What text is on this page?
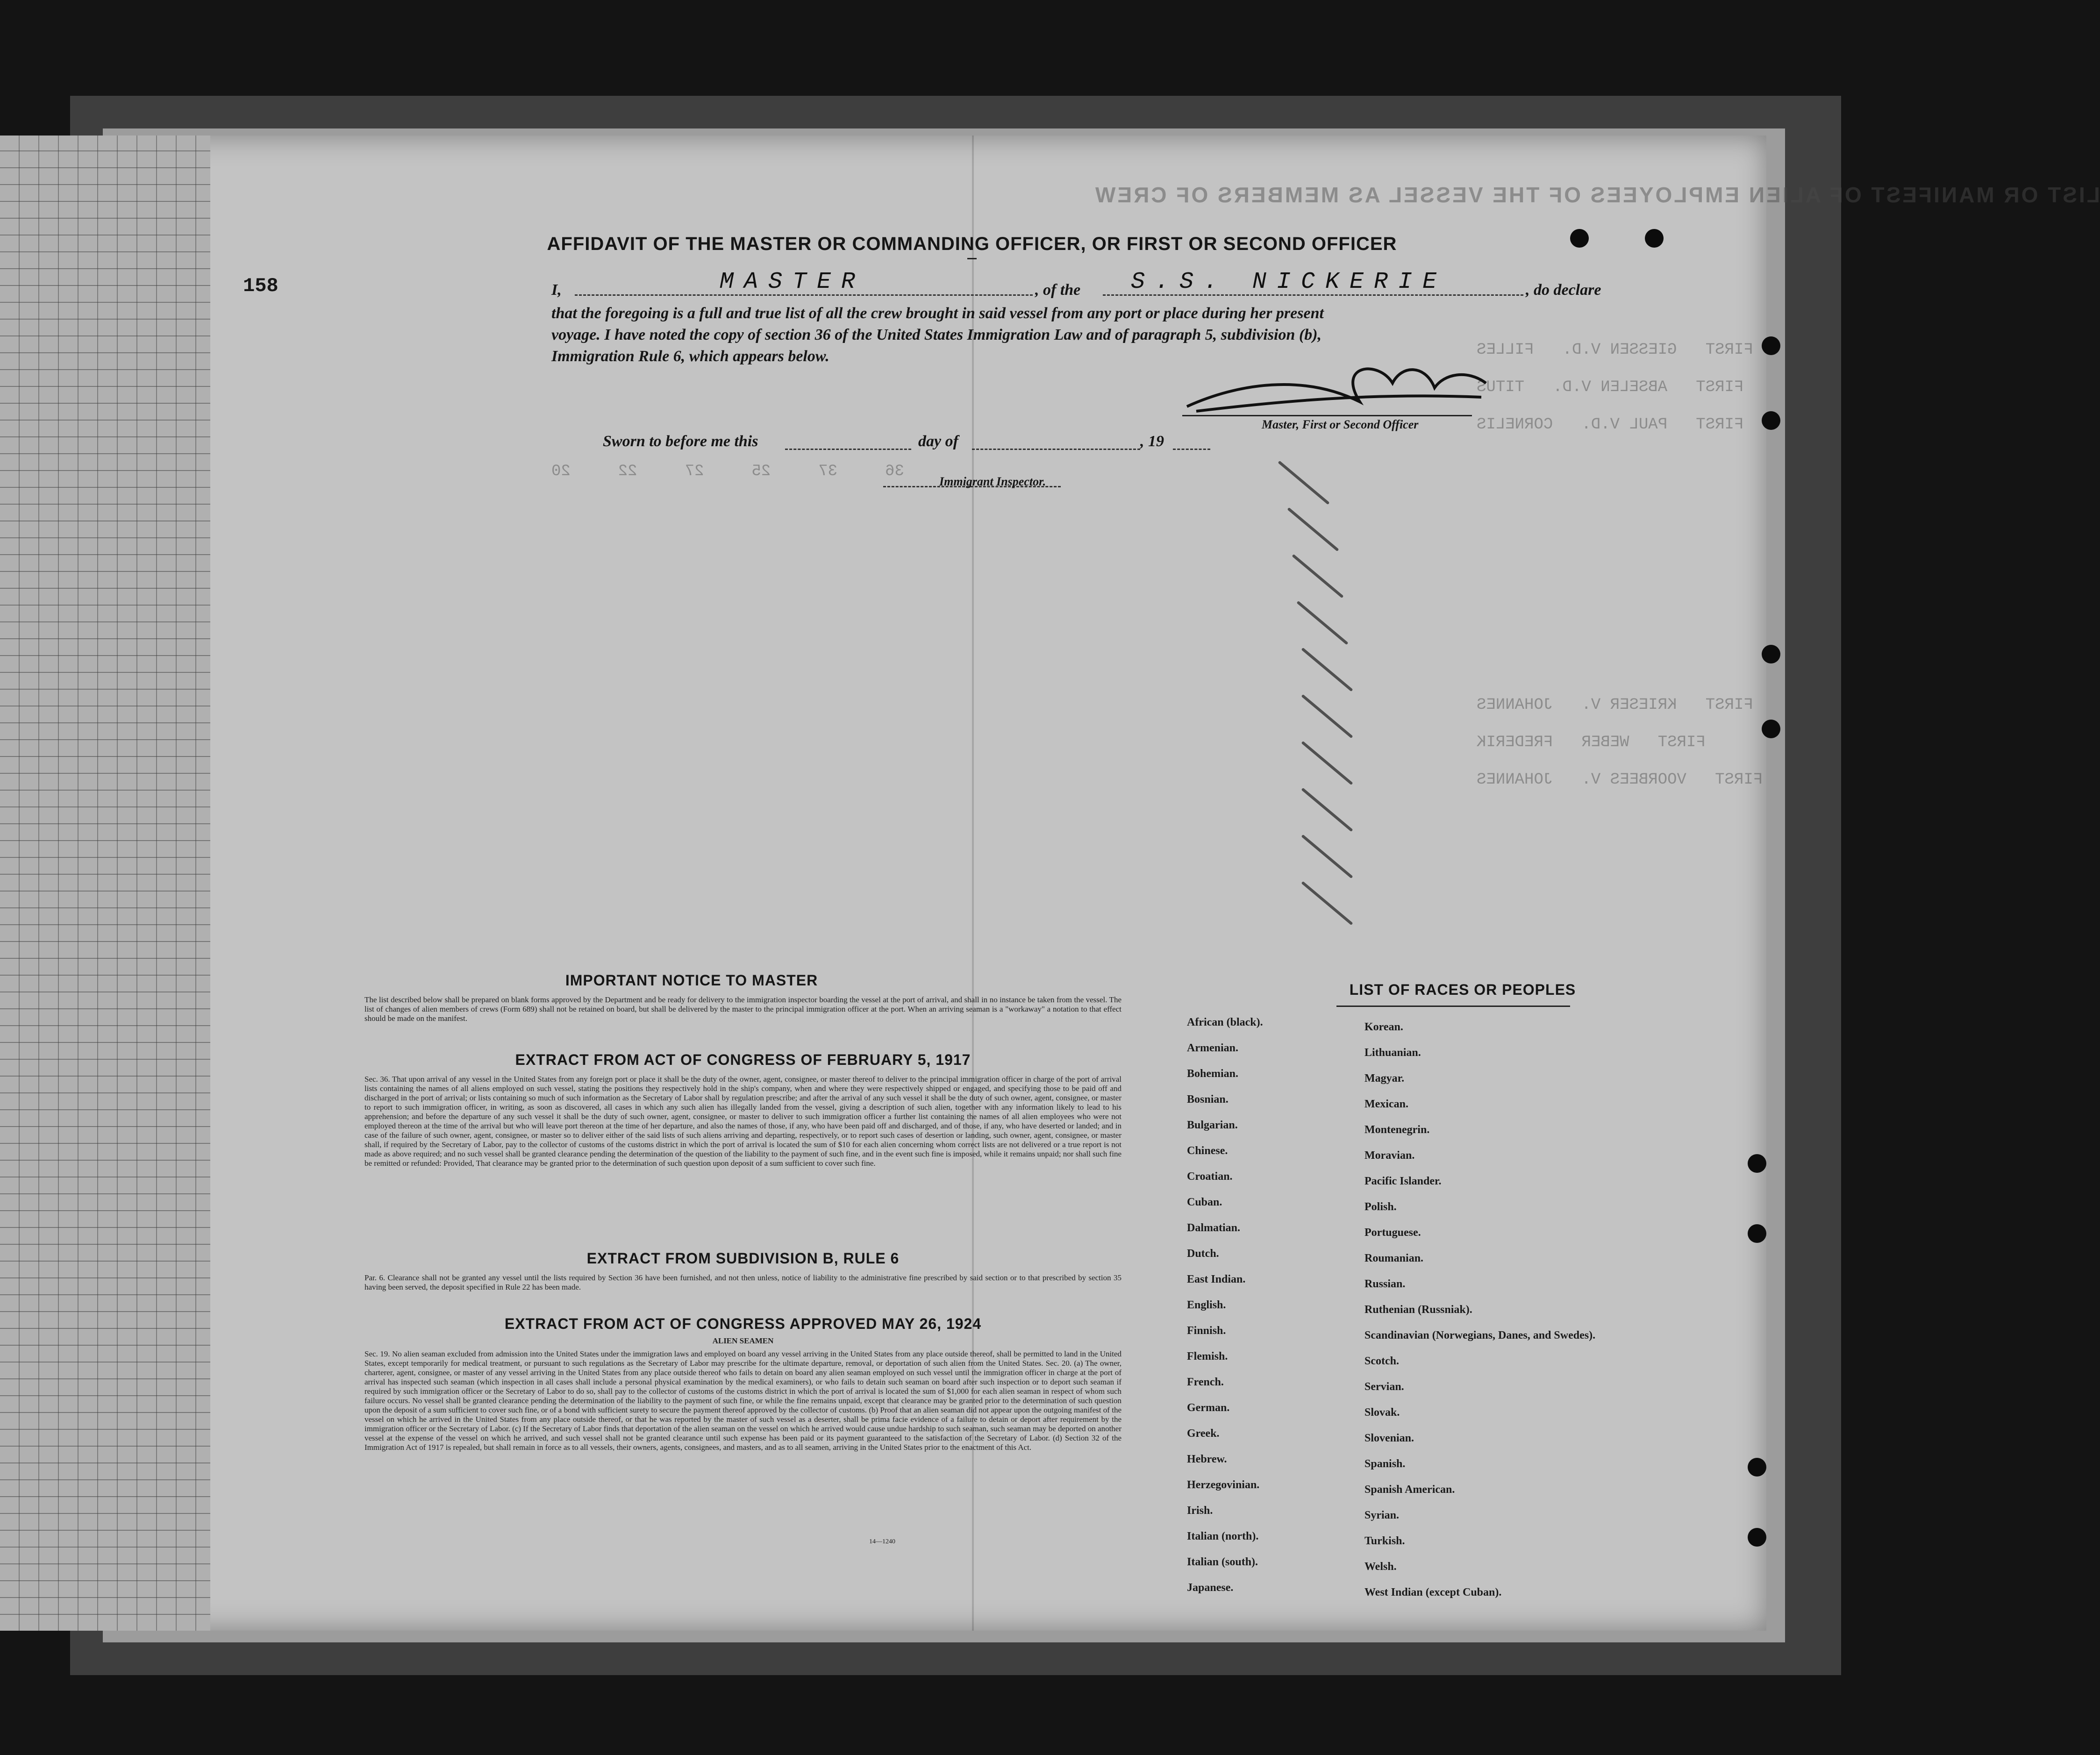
LIST OR MANIFEST OF ALIEN EMPLOYEES OF THE VESSEL AS MEMBERS OF CREW
FIRST   GIESSEN V.D.   FILLES
FIRST   ABSELEN V.D.   TITUS
FIRST   PAUL V.D.   CORNELIS
FIRST   KRIESER V.   JOHANNES
FIRST   WEBER   FREDERIK
FIRST   VOORBEES V.   JOHANNES
36     37     25     27     22     20
AFFIDAVIT OF THE MASTER OR COMMANDING OFFICER, OR FIRST OR SECOND OFFICER
158	I,	MASTER	, of the S.S. NICKERIE	, do declare
that the foregoing is a full and true list of all the crew brought in said vessel from any port or place during her present
voyage. I have noted the copy of section 36 of the United States Immigration Law and of paragraph 5, subdivision (b),
Immigration Rule 6, which appears below.
Master, First or Second Officer
Sworn to before me this	day of	, 19
Immigrant Inspector.
IMPORTANT NOTICE TO MASTER
The list described below shall be prepared on blank forms approved by the Department and be ready for delivery to the immigration inspector boarding the vessel at the port of arrival, and shall in no instance be taken from the vessel. The list of changes of alien members of crews (Form 689) shall not be retained on board, but shall be delivered by the master to the principal immigration officer at the port. When an arriving seaman is a "workaway" a notation to that effect should be made on the manifest.
EXTRACT FROM ACT OF CONGRESS OF FEBRUARY 5, 1917
Sec. 36. That upon arrival of any vessel in the United States from any foreign port or place it shall be the duty of the owner, agent, consignee, or master thereof to deliver to the principal immigration officer in charge of the port of arrival lists containing the names of all aliens employed on such vessel, stating the positions they respectively hold in the ship's company, when and where they were respectively shipped or engaged, and specifying those to be paid off and discharged in the port of arrival; or lists containing so much of such information as the Secretary of Labor shall by regulation prescribe; and after the arrival of any such vessel it shall be the duty of such owner, agent, consignee, or master to report to such immigration officer, in writing, as soon as discovered, all cases in which any such alien has illegally landed from the vessel, giving a description of such alien, together with any information likely to lead to his apprehension; and before the departure of any such vessel it shall be the duty of such owner, agent, consignee, or master to deliver to such immigration officer a further list containing the names of all alien employees who were not employed thereon at the time of the arrival but who will leave port thereon at the time of her departure, and also the names of those, if any, who have been paid off and discharged, and of those, if any, who have deserted or landed; and in case of the failure of such owner, agent, consignee, or master so to deliver either of the said lists of such aliens arriving and departing, respectively, or to report such cases of desertion or landing, such owner, agent, consignee, or master shall, if required by the Secretary of Labor, pay to the collector of customs of the customs district in which the port of arrival is located the sum of $10 for each alien concerning whom correct lists are not delivered or a true report is not made as above required; and no such vessel shall be granted clearance pending the determination of the question of the liability to the payment of such fine, and in the event such fine is imposed, while it remains unpaid; nor shall such fine be remitted or refunded: Provided, That clearance may be granted prior to the determination of such question upon deposit of a sum sufficient to cover such fine.
EXTRACT FROM SUBDIVISION B, RULE 6
Par. 6. Clearance shall not be granted any vessel until the lists required by Section 36 have been furnished, and not then unless, notice of liability to the administrative fine prescribed by said section or to that prescribed by section 35 having been served, the deposit specified in Rule 22 has been made.
EXTRACT FROM ACT OF CONGRESS APPROVED MAY 26, 1924
ALIEN SEAMEN
Sec. 19. No alien seaman excluded from admission into the United States under the immigration laws and employed on board any vessel arriving in the United States from any place outside thereof, shall be permitted to land in the United States, except temporarily for medical treatment, or pursuant to such regulations as the Secretary of Labor may prescribe for the ultimate departure, removal, or deportation of such alien from the United States. Sec. 20. (a) The owner, charterer, agent, consignee, or master of any vessel arriving in the United States from any place outside thereof who fails to detain on board any alien seaman employed on such vessel until the immigration officer in charge at the port of arrival has inspected such seaman (which inspection in all cases shall include a personal physical examination by the medical examiners), or who fails to detain such seaman on board after such inspection or to deport such seaman if required by such immigration officer or the Secretary of Labor to do so, shall pay to the collector of customs of the customs district in which the port of arrival is located the sum of $1,000 for each alien seaman in respect of whom such failure occurs. No vessel shall be granted clearance pending the determination of the liability to the payment of such fine, or while the fine remains unpaid, except that clearance may be granted prior to the determination of such question upon the deposit of a sum sufficient to cover such fine, or of a bond with sufficient surety to secure the payment thereof approved by the collector of customs. (b) Proof that an alien seaman did not appear upon the outgoing manifest of the vessel on which he arrived in the United States from any place outside thereof, or that he was reported by the master of such vessel as a deserter, shall be prima facie evidence of a failure to detain or deport after requirement by the immigration officer or the Secretary of Labor. (c) If the Secretary of Labor finds that deportation of the alien seaman on the vessel on which he arrived would cause undue hardship to such seaman, such seaman may be deported on another vessel at the expense of the vessel on which he arrived, and such vessel shall not be granted clearance until such expense has been paid or its payment guaranteed to the satisfaction of the Secretary of Labor. (d) Section 32 of the Immigration Act of 1917 is repealed, but shall remain in force as to all vessels, their owners, agents, consignees, and masters, and as to all seamen, arriving in the United States prior to the enactment of this Act.
14—1240
LIST OF RACES OR PEOPLES
African (black).
Armenian.
Bohemian.
Bosnian.
Bulgarian.
Chinese.
Croatian.
Cuban.
Dalmatian.
Dutch.
East Indian.
English.
Finnish.
Flemish.
French.
German.
Greek.
Hebrew.
Herzegovinian.
Irish.
Italian (north).
Italian (south).
Japanese.
Korean.
Lithuanian.
Magyar.
Mexican.
Montenegrin.
Moravian.
Pacific Islander.
Polish.
Portuguese.
Roumanian.
Russian.
Ruthenian (Russniak).
Scandinavian (Norwegians, Danes, and Swedes).
Scotch.
Servian.
Slovak.
Slovenian.
Spanish.
Spanish American.
Syrian.
Turkish.
Welsh.
West Indian (except Cuban).
